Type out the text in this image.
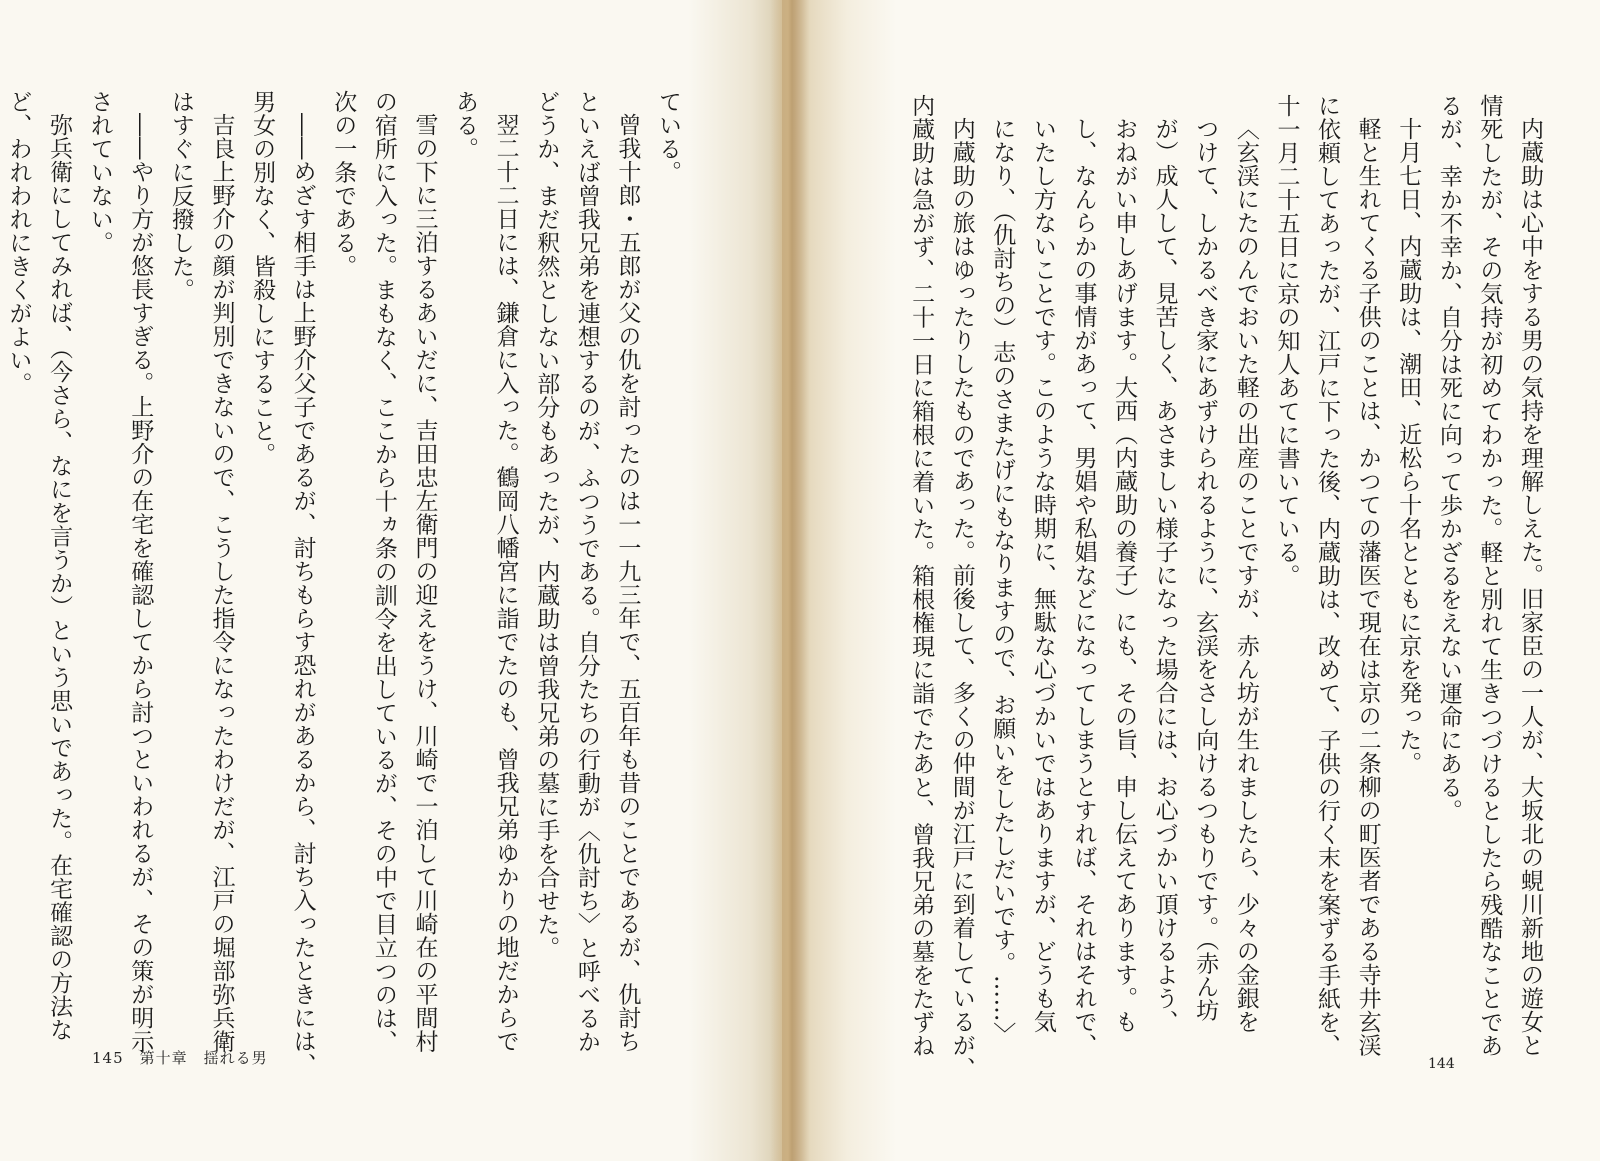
ている。
曾我十郎・五郎が父の仇を討ったのは一一九三年で、五百年も昔のことであるが、仇討ち
といえば曾我兄弟を連想するのが、ふつうである。自分たちの行動が〈仇討ち〉と呼べるか
どうか、まだ釈然としない部分もあったが、内蔵助は曾我兄弟の墓に手を合せた。
翌二十二日には、鎌倉に入った。鶴岡八幡宮に詣でたのも、曾我兄弟ゆかりの地だからで
ある。
雪の下に三泊するあいだに、吉田忠左衛門の迎えをうけ、川崎で一泊して川崎在の平間村
の宿所に入った。まもなく、ここから十ヵ条の訓令を出しているが、その中で目立つのは、
次の一条である。
――めざす相手は上野介父子であるが、討ちもらす恐れがあるから、討ち入ったときには、
男女の別なく、皆殺しにすること。
吉良上野介の顔が判別できないので、こうした指令になったわけだが、江戸の堀部弥兵衛
はすぐに反撥した。
――やり方が悠長すぎる。上野介の在宅を確認してから討つといわれるが、その策が明示
されていない。
弥兵衛にしてみれば、（今さら、なにを言うか）という思いであった。在宅確認の方法な
ど、われわれにきくがよい。
145 第十章 揺れる男
内蔵助は心中をする男の気持を理解しえた。旧家臣の一人が、大坂北の蜆川新地の遊女と
情死したが、その気持が初めてわかった。軽と別れて生きつづけるとしたら残酷なことであ
るが、幸か不幸か、自分は死に向って歩かざるをえない運命にある。
十月七日、内蔵助は、潮田、近松ら十名とともに京を発った。
軽と生れてくる子供のことは、かつての藩医で現在は京の二条柳の町医者である寺井玄渓
に依頼してあったが、江戸に下った後、内蔵助は、改めて、子供の行く末を案ずる手紙を、
十一月二十五日に京の知人あてに書いている。
〈玄渓にたのんでおいた軽の出産のことですが、赤ん坊が生れましたら、少々の金銀を
つけて、しかるべき家にあずけられるように、玄渓をさし向けるつもりです。（赤ん坊
が）成人して、見苦しく、あさましい様子になった場合には、お心づかい頂けるよう、
おねがい申しあげます。大西（内蔵助の養子）にも、その旨、申し伝えてあります。も
し、なんらかの事情があって、男娼や私娼などになってしまうとすれば、それはそれで、
いたし方ないことです。このような時期に、無駄な心づかいではありますが、どうも気
になり、（仇討ちの）志のさまたげにもなりますので、お願いをしたしだいです。……〉
内蔵助の旅はゆったりしたものであった。前後して、多くの仲間が江戸に到着しているが、
内蔵助は急がず、二十一日に箱根に着いた。箱根権現に詣でたあと、曾我兄弟の墓をたずね
144
